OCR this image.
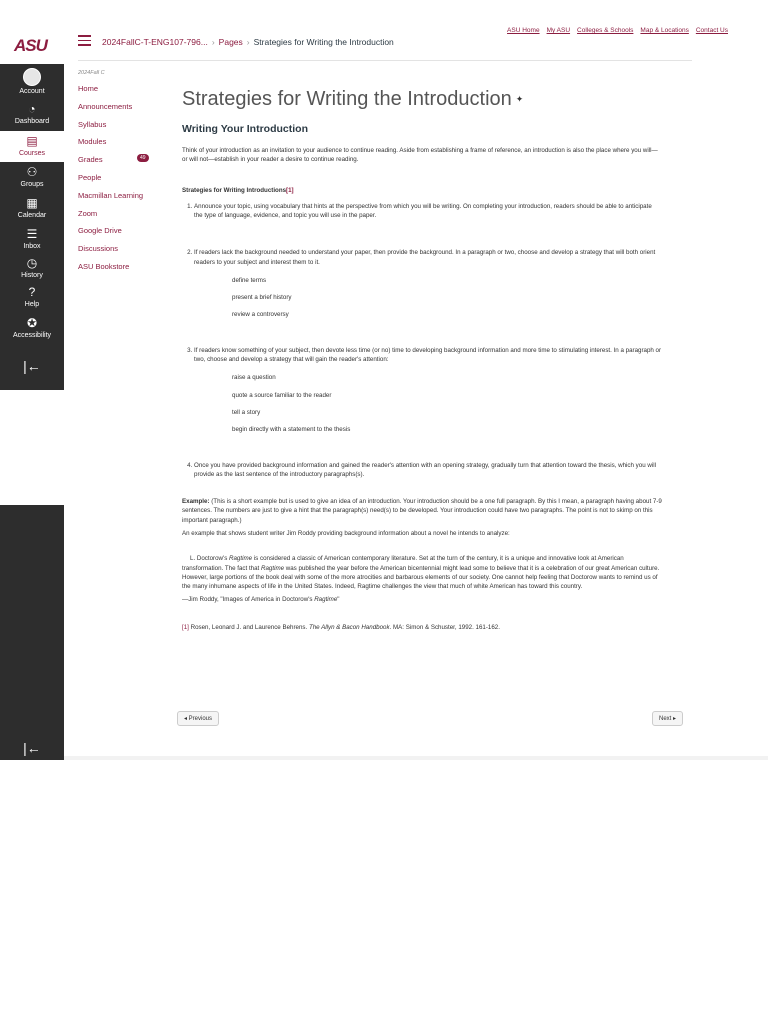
ASU
Account
◔
Dashboard
▤
Courses
⚇
Groups
▦
Calendar
☰
Inbox
◷
History
?
Help
✪
Accessibility
|←
|←
2024FallC-T-ENG107-796... › Pages › Strategies for Writing the Introduction
ASU Home My ASU Colleges & Schools Map & Locations Contact Us
2024Fall C
Home
Announcements
Syllabus
Modules
Grades	49
People
Macmillan Learning
Zoom
Google Drive
Discussions
ASU Bookstore
Strategies for Writing the Introduction ✦
Writing Your Introduction

Think of your introduction as an invitation to your audience to continue reading. Aside from establishing a frame of reference, an introduction is also the place where you will—or will not—establish in your reader a desire to continue reading.

Strategies for Writing Introductions[1]

1. Announce your topic, using vocabulary that hints at the perspective from which you will be writing. On completing your introduction, readers should be able to anticipate the type of language, evidence, and topic you will use in the paper.
2. If readers lack the background needed to understand your paper, then provide the background. In a paragraph or two, choose and develop a strategy that will both orient readers to your subject and interest them to it.
define terms
present a brief history
review a controversy
3. If readers know something of your subject, then devote less time (or no) time to developing background information and more time to stimulating interest. In a paragraph or two, choose and develop a strategy that will gain the reader's attention:
raise a question
quote a source familiar to the reader
tell a story
begin directly with a statement to the thesis
4. Once you have provided background information and gained the reader's attention with an opening strategy, gradually turn that attention toward the thesis, which you will provide as the last sentence of the introductory paragraphs(s).

Example: (This is a short example but is used to give an idea of an introduction. Your introduction should be a one full paragraph. By this I mean, a paragraph having about 7-9 sentences. The numbers are just to give a hint that the paragraph(s) need(s) to be developed. Your introduction could have two paragraphs. The point is not to skimp on this important paragraph.)

An example that shows student writer Jim Roddy providing background information about a novel he intends to analyze:

L. Doctorow's Ragtime is considered a classic of American contemporary literature. Set at the turn of the century, it is a unique and innovative look at American transformation. The fact that Ragtime was published the year before the American bicentennial might lead some to believe that it is a celebration of our great American culture. However, large portions of the book deal with some of the more atrocities and barbarous elements of our society. One cannot help feeling that Doctorow wants to remind us of the many inhumane aspects of life in the United States. Indeed, Ragtime challenges the view that much of white American has toward this country.

—Jim Roddy, "Images of America in Doctorow's Ragtime"

[1] Rosen, Leonard J. and Laurence Behrens. The Allyn & Bacon Handbook. MA: Simon & Schuster, 1992. 161-162.

◂ Previous	Next ▸
